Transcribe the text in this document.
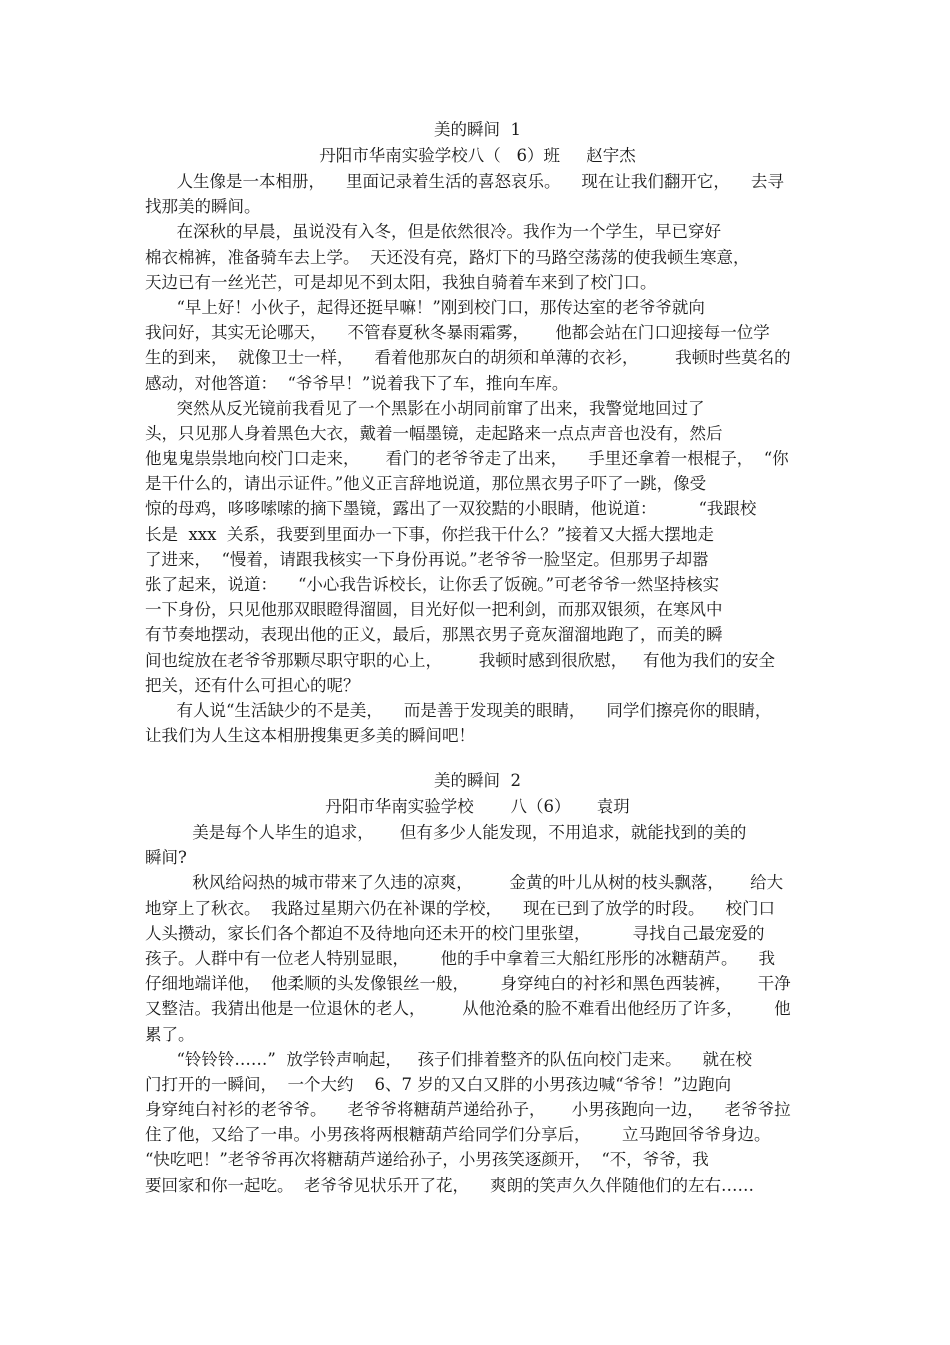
美的瞬间  1
丹阳市华南实验学校八（   6）班     赵宇杰
人生像是一本相册，    里面记录着生活的喜怒哀乐。    现在让我们翻开它，    去寻
找那美的瞬间。
在深秋的早晨，虽说没有入冬，但是依然很冷。我作为一个学生，早已穿好
棉衣棉裤，准备骑车去上学。  天还没有亮，路灯下的马路空荡荡的使我顿生寒意，
天边已有一丝光芒，可是却见不到太阳，我独自骑着车来到了校门口。
“早上好！小伙子，起得还挺早嘛！”刚到校门口，那传达室的老爷爷就向
我问好，其实无论哪天，    不管春夏秋冬暴雨霜雾，     他都会站在门口迎接每一位学
生的到来，  就像卫士一样，    看着他那灰白的胡须和单薄的衣衫，       我顿时些莫名的
感动，对他答道：  “爷爷早！”说着我下了车，推向车库。
突然从反光镜前我看见了一个黑影在小胡同前窜了出来，我警觉地回过了
头，只见那人身着黑色大衣，戴着一幅墨镜，走起路来一点点声音也没有，然后
他鬼鬼祟祟地向校门口走来，     看门的老爷爷走了出来，    手里还拿着一根棍子，  “你
是干什么的，请出示证件。”他义正言辞地说道，那位黑衣男子吓了一跳，像受
惊的母鸡，哆哆嗦嗦的摘下墨镜，露出了一双狡黠的小眼睛，他说道：        “我跟校
长是  xxx  关系，我要到里面办一下事，你拦我干什么？”接着又大摇大摆地走
了进来，  “慢着，请跟我核实一下身份再说。”老爷爷一脸坚定。但那男子却嚣
张了起来，说道：    “小心我告诉校长，让你丢了饭碗。”可老爷爷一然坚持核实
一下身份，只见他那双眼瞪得溜圆，目光好似一把利剑，而那双银须，在寒风中
有节奏地摆动，表现出他的正义，最后，那黑衣男子竟灰溜溜地跑了，而美的瞬
间也绽放在老爷爷那颗尽职守职的心上，       我顿时感到很欣慰，   有他为我们的安全
把关，还有什么可担心的呢？
有人说“生活缺少的不是美，    而是善于发现美的眼睛，    同学们擦亮你的眼睛，
让我们为人生这本相册搜集更多美的瞬间吧！
美的瞬间  2
丹阳市华南实验学校       八（6）     袁玥
美是每个人毕生的追求，     但有多少人能发现，不用追求，就能找到的美的
瞬间?
秋风给闷热的城市带来了久违的凉爽，       金黄的叶儿从树的枝头飘落，     给大
地穿上了秋衣。  我路过星期六仍在补课的学校，    现在已到了放学的时段。    校门口
人头攒动，家长们各个都迫不及待地向还未开的校门里张望，        寻找自己最宠爱的
孩子。人群中有一位老人特别显眼，      他的手中拿着三大船红彤彤的冰糖葫芦。    我
仔细地端详他，  他柔顺的头发像银丝一般，      身穿纯白的衬衫和黑色西装裤，     干净
又整洁。我猜出他是一位退休的老人，       从他沧桑的脸不难看出他经历了许多，      他
累了。
“铃铃铃……”  放学铃声响起，   孩子们排着整齐的队伍向校门走来。    就在校
门打开的一瞬间，  一个大约    6、7 岁的又白又胖的小男孩边喊“爷爷！”边跑向
身穿纯白衬衫的老爷爷。    老爷爷将糖葫芦递给孙子，     小男孩跑向一边，    老爷爷拉
住了他，又给了一串。小男孩将两根糖葫芦给同学们分享后，      立马跑回爷爷身边。
“快吃吧！”老爷爷再次将糖葫芦递给孙子，小男孩笑逐颜开，  “不，爷爷，我
要回家和你一起吃。  老爷爷见状乐开了花，    爽朗的笑声久久伴随他们的左右……
